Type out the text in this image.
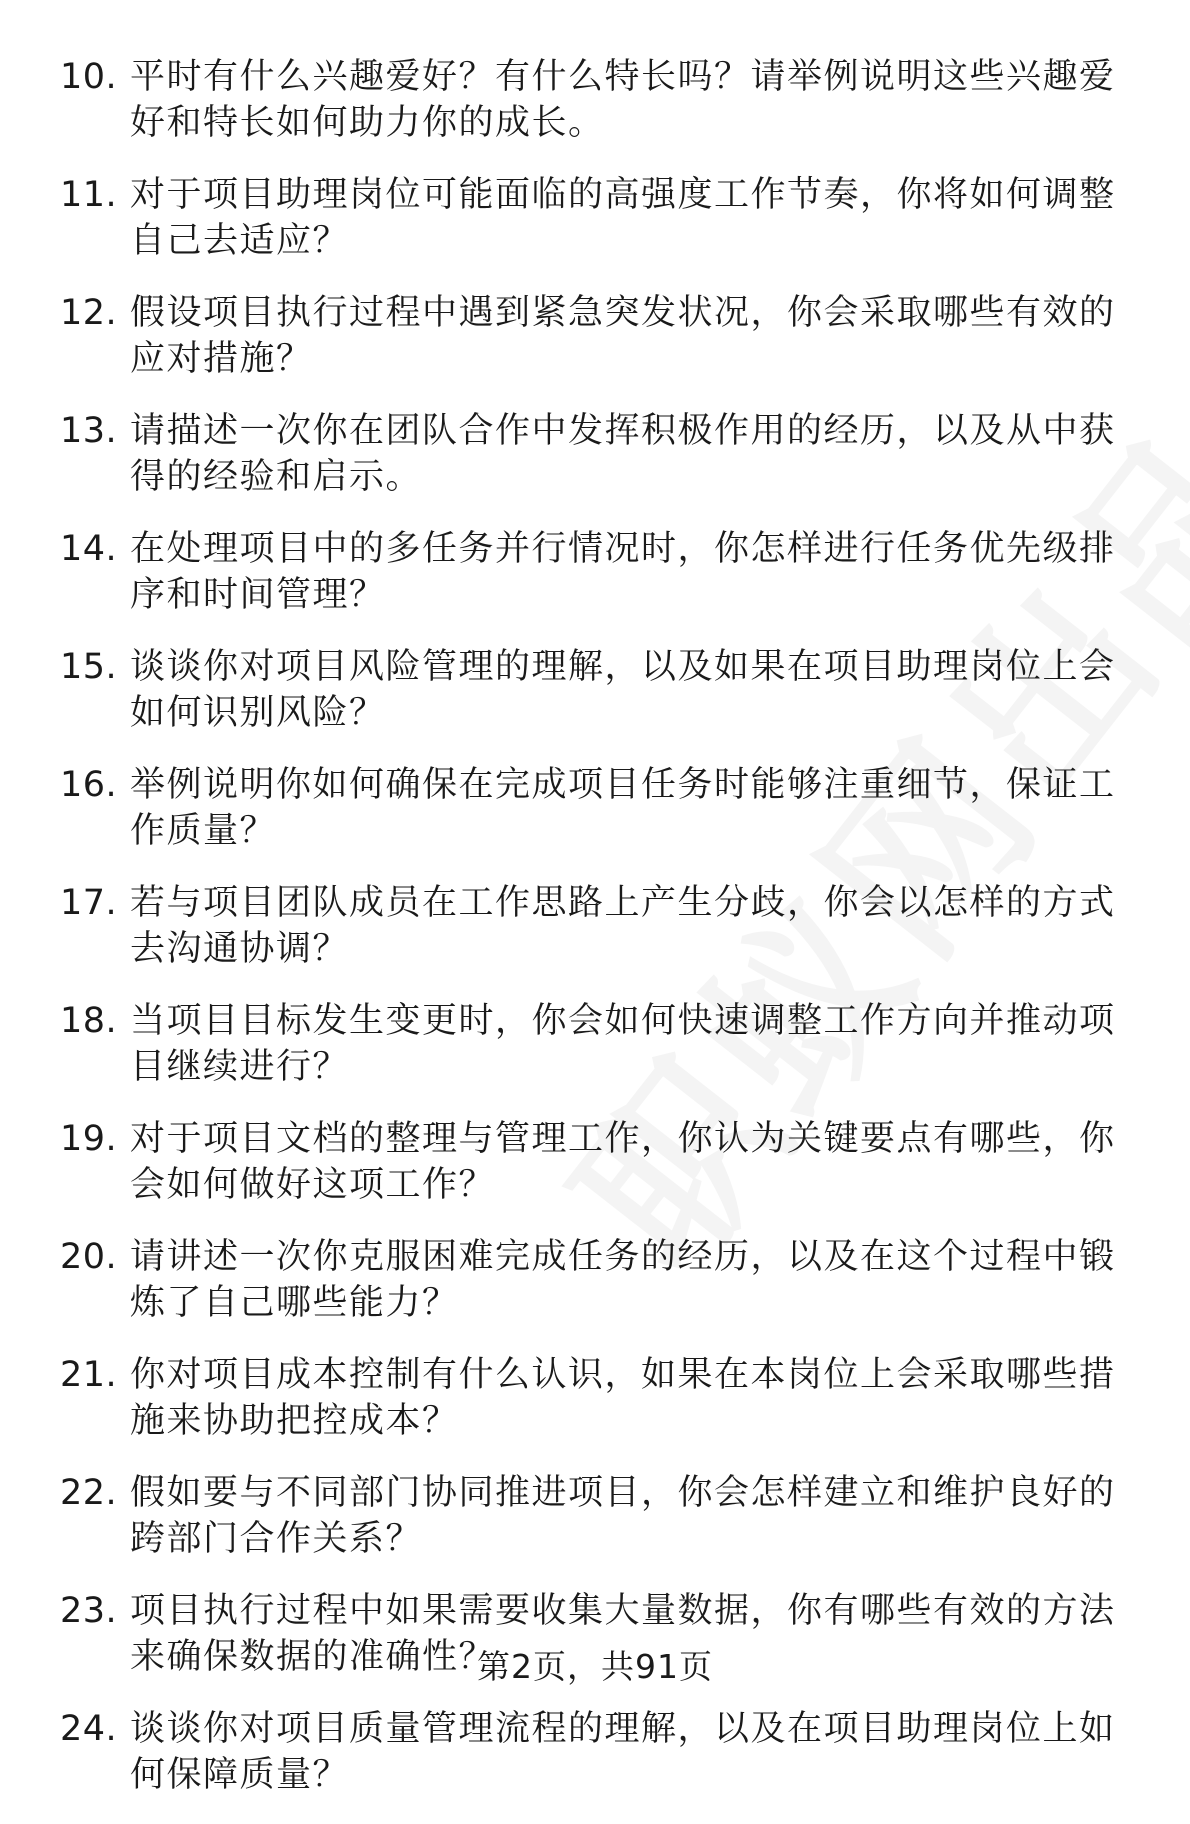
10. 平时有什么兴趣爱好？有什么特长吗？请举例说明这些兴趣爱好和特长如何助力你的成长。
11. 对于项目助理岗位可能面临的高强度工作节奏，你将如何调整自己去适应？
12. 假设项目执行过程中遇到紧急突发状况，你会采取哪些有效的应对措施？
13. 请描述一次你在团队合作中发挥积极作用的经历，以及从中获得的经验和启示。
14. 在处理项目中的多任务并行情况时，你怎样进行任务优先级排序和时间管理？
15. 谈谈你对项目风险管理的理解，以及如果在项目助理岗位上会如何识别风险？
16. 举例说明你如何确保在完成项目任务时能够注重细节，保证工作质量？
17. 若与项目团队成员在工作思路上产生分歧，你会以怎样的方式去沟通协调？
18. 当项目目标发生变更时，你会如何快速调整工作方向并推动项目继续进行？
19. 对于项目文档的整理与管理工作，你认为关键要点有哪些，你会如何做好这项工作？
20. 请讲述一次你克服困难完成任务的经历，以及在这个过程中锻炼了自己哪些能力？
21. 你对项目成本控制有什么认识，如果在本岗位上会采取哪些措施来协助把控成本？
22. 假如要与不同部门协同推进项目，你会怎样建立和维护良好的跨部门合作关系？
23. 项目执行过程中如果需要收集大量数据，你有哪些有效的方法来确保数据的准确性？
24. 谈谈你对项目质量管理流程的理解，以及在项目助理岗位上如何保障质量？
第2页，共91页
